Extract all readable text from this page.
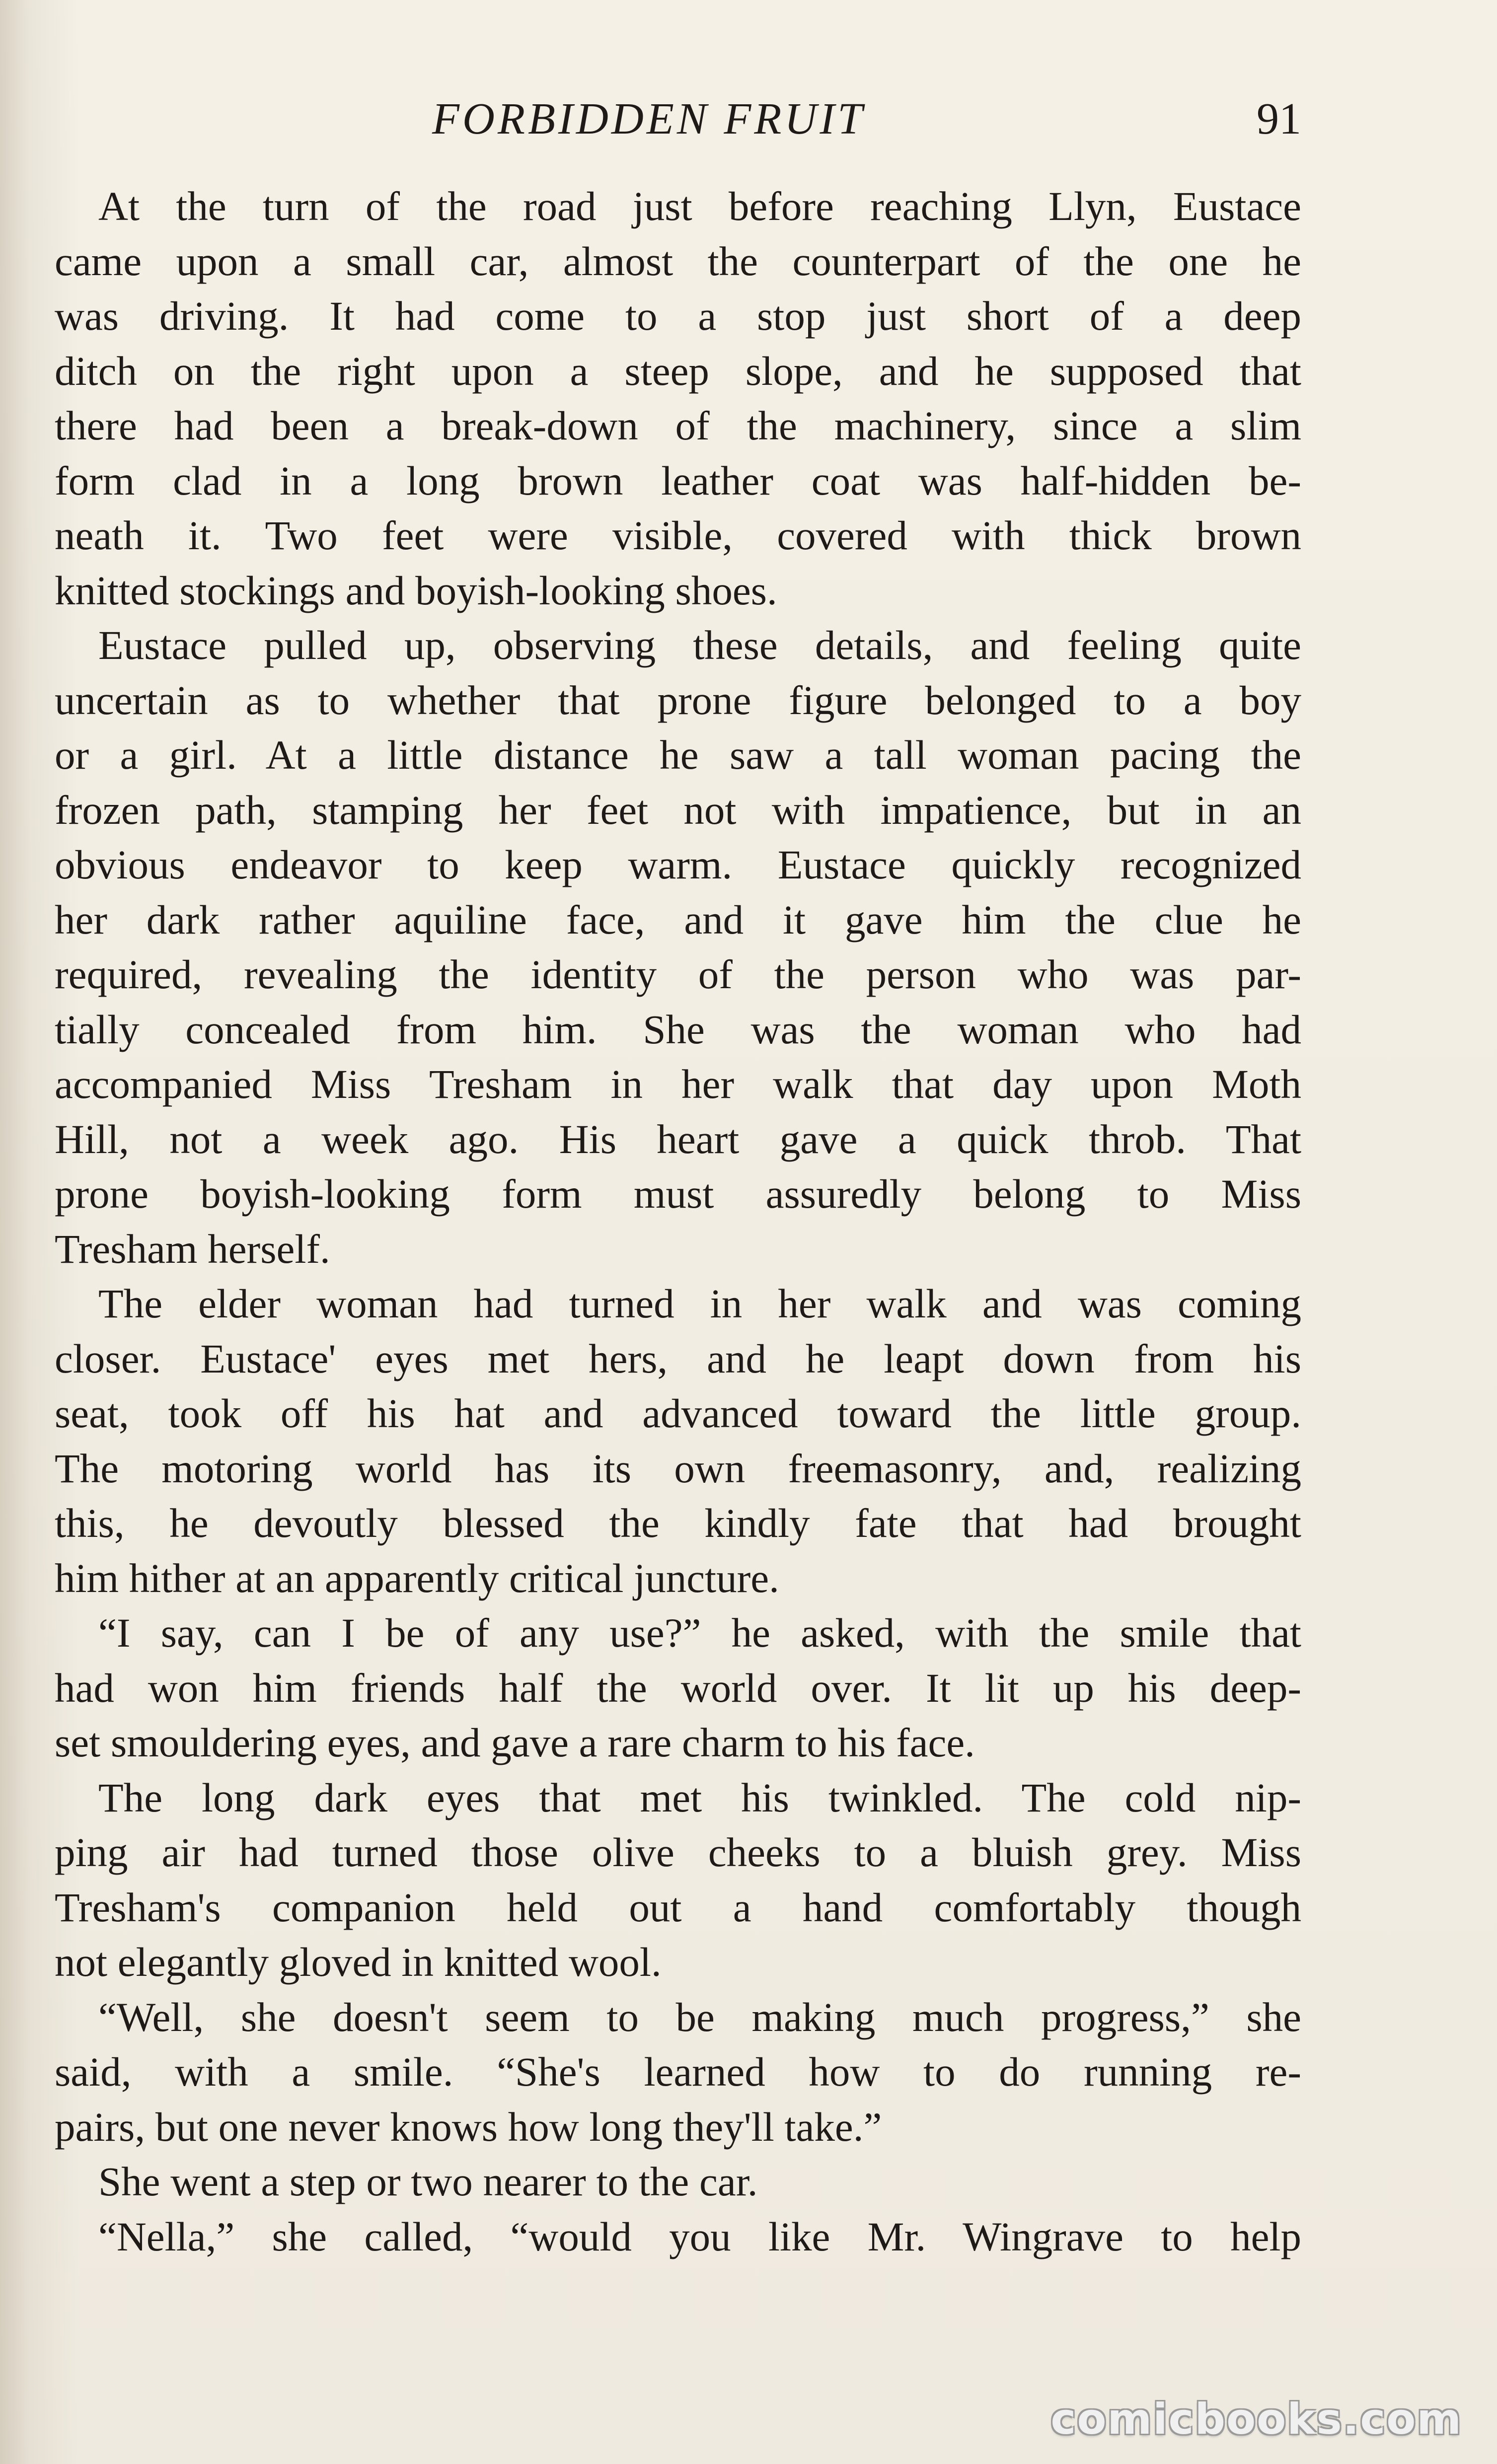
FORBIDDEN FRUIT	91
At the turn of the road just before reaching Llyn, Eustace
came upon a small car, almost the counterpart of the one he
was driving. It had come to a stop just short of a deep
ditch on the right upon a steep slope, and he supposed that
there had been a break-down of the machinery, since a slim
form clad in a long brown leather coat was half-hidden be-
neath it. Two feet were visible, covered with thick brown
knitted stockings and boyish-looking shoes.
Eustace pulled up, observing these details, and feeling quite
uncertain as to whether that prone figure belonged to a boy
or a girl. At a little distance he saw a tall woman pacing the
frozen path, stamping her feet not with impatience, but in an
obvious endeavor to keep warm. Eustace quickly recognized
her dark rather aquiline face, and it gave him the clue he
required, revealing the identity of the person who was par-
tially concealed from him. She was the woman who had
accompanied Miss Tresham in her walk that day upon Moth
Hill, not a week ago. His heart gave a quick throb. That
prone boyish-looking form must assuredly belong to Miss
Tresham herself.
The elder woman had turned in her walk and was coming
closer. Eustace' eyes met hers, and he leapt down from his
seat, took off his hat and advanced toward the little group.
The motoring world has its own freemasonry, and, realizing
this, he devoutly blessed the kindly fate that had brought
him hither at an apparently critical juncture.
“I say, can I be of any use?” he asked, with the smile that
had won him friends half the world over. It lit up his deep-
set smouldering eyes, and gave a rare charm to his face.
The long dark eyes that met his twinkled. The cold nip-
ping air had turned those olive cheeks to a bluish grey. Miss
Tresham's companion held out a hand comfortably though
not elegantly gloved in knitted wool.
“Well, she doesn't seem to be making much progress,” she
said, with a smile. “She's learned how to do running re-
pairs, but one never knows how long they'll take.”
She went a step or two nearer to the car.
“Nella,” she called, “would you like Mr. Wingrave to help
comicbooks.com
